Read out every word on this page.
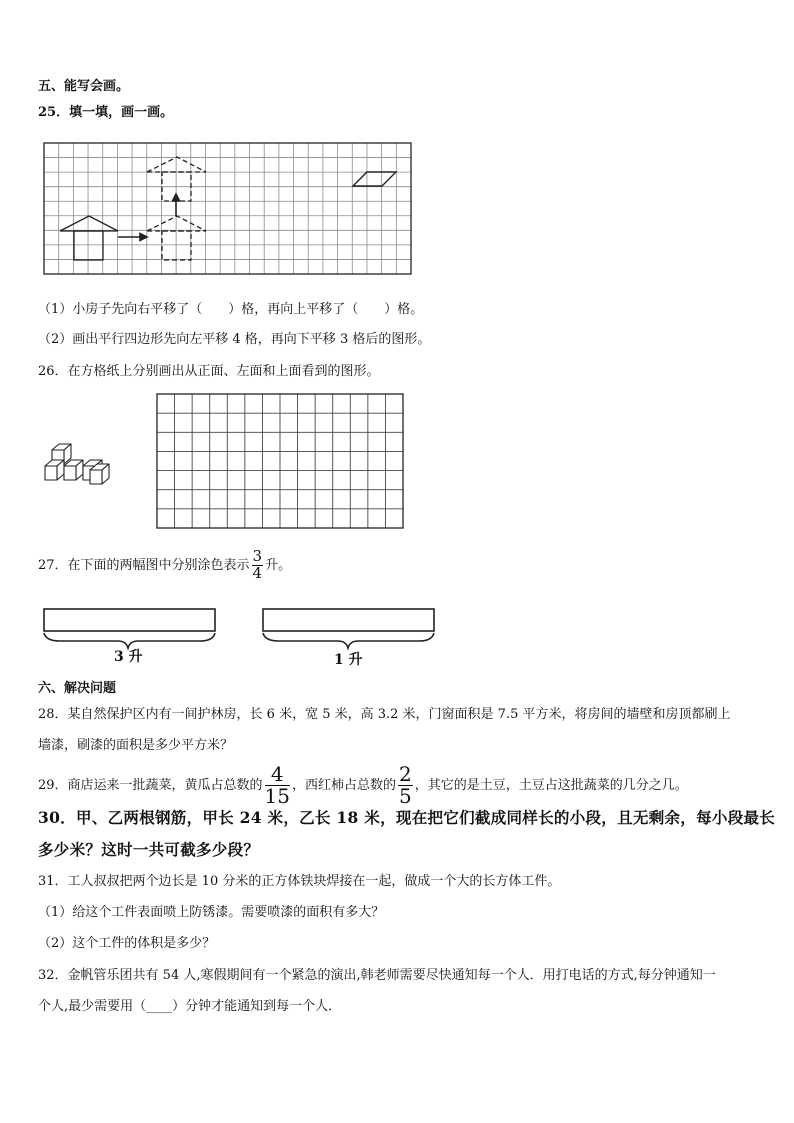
五、能写会画。
25．填一填，画一画。
（1）小房子先向右平移了（　　）格，再向上平移了（　　）格。
（2）画出平行四边形先向左平移 4 格，再向下平移 3 格后的图形。
26．在方格纸上分别画出从正面、左面和上面看到的图形。
27．在下面的两幅图中分别涂色表示 $\frac{3}{4}$ 升。
3 升	1 升
六、解决问题
28．某自然保护区内有一间护林房，长 6 米，宽 5 米，高 3.2 米，门窗面积是 7.5 平方米，将房间的墙壁和房顶都刷上
墙漆，刷漆的面积是多少平方米？
29．商店运来一批蔬菜，黄瓜占总数的 $\frac{4}{15}$ ，西红柿占总数的 $\frac{2}{5}$ ，其它的是土豆，土豆占这批蔬菜的几分之几。
30．甲、乙两根钢筋，甲长 24 米，乙长 18 米，现在把它们截成同样长的小段，且无剩余，每小段最长
多少米？这时一共可截多少段？
31．工人叔叔把两个边长是 10 分米的正方体铁块焊接在一起，做成一个大的长方体工件。
（1）给这个工件表面喷上防锈漆。需要喷漆的面积有多大？
（2）这个工件的体积是多少？
32．金帆管乐团共有 54 人,寒假期间有一个紧急的演出,韩老师需要尽快通知每一个人．用打电话的方式,每分钟通知一
个人,最少需要用（____）分钟才能通知到每一个人．
